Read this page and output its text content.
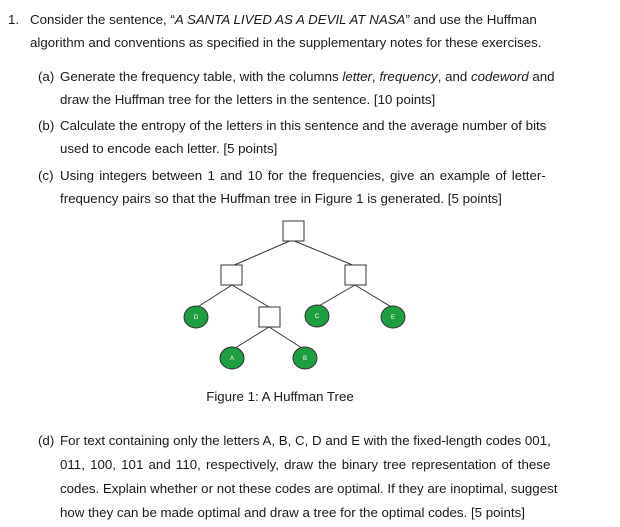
1. Consider the sentence, “A SANTA LIVED AS A DEVIL AT NASA” and use the Huffman
algorithm and conventions as specified in the supplementary notes for these exercises.
(a) Generate the frequency table, with the columns letter, frequency, and codeword and
draw the Huffman tree for the letters in the sentence. [10 points]
(b) Calculate the entropy of the letters in this sentence and the average number of bits
used to encode each letter. [5 points]
(c) Using integers between 1 and 10 for the frequencies, give an example of letter-
frequency pairs so that the Huffman tree in Figure 1 is generated. [5 points]
D	C	E
A	B
Figure 1: A Huffman Tree
(d) For text containing only the letters A, B, C, D and E with the fixed-length codes 001,
011, 100, 101 and 110, respectively, draw the binary tree representation of these
codes. Explain whether or not these codes are optimal. If they are inoptimal, suggest
how they can be made optimal and draw a tree for the optimal codes. [5 points]
